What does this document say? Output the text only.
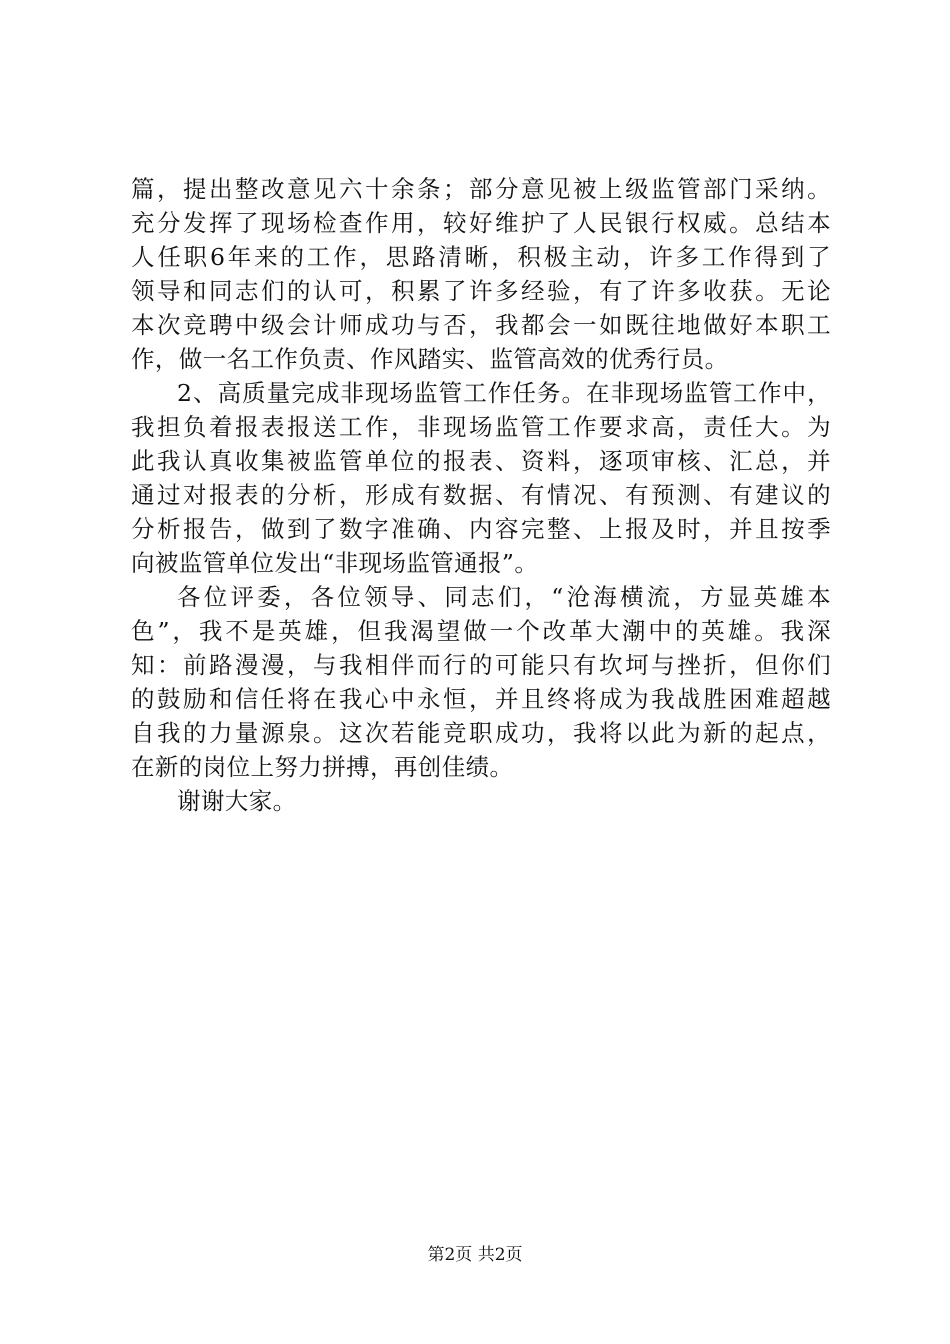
篇，提出整改意见六十余条；部分意见被上级监管部门采纳。
充分发挥了现场检查作用，较好维护了人民银行权威。总结本
人任职6年来的工作，思路清晰，积极主动，许多工作得到了
领导和同志们的认可，积累了许多经验，有了许多收获。无论
本次竞聘中级会计师成功与否，我都会一如既往地做好本职工
作，做一名工作负责、作风踏实、监管高效的优秀行员。
2、高质量完成非现场监管工作任务。在非现场监管工作中，
我担负着报表报送工作，非现场监管工作要求高，责任大。为
此我认真收集被监管单位的报表、资料，逐项审核、汇总，并
通过对报表的分析，形成有数据、有情况、有预测、有建议的
分析报告，做到了数字准确、内容完整、上报及时，并且按季
向被监管单位发出“非现场监管通报”。
各位评委，各位领导、同志们，“沧海横流，方显英雄本
色”，我不是英雄，但我渴望做一个改革大潮中的英雄。我深
知：前路漫漫，与我相伴而行的可能只有坎坷与挫折，但你们
的鼓励和信任将在我心中永恒，并且终将成为我战胜困难超越
自我的力量源泉。这次若能竞职成功，我将以此为新的起点，
在新的岗位上努力拼搏，再创佳绩。
谢谢大家。
第2页 共2页
